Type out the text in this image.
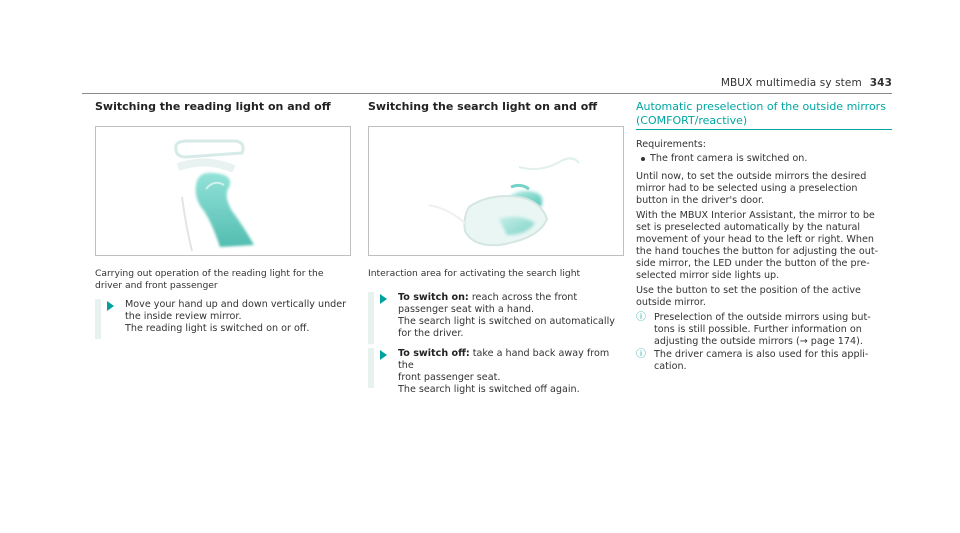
MBUX multimedia sy stem 343
Switching the reading light on and off
Carrying out operation of the reading light for the
driver and front passenger
Move your hand up and down vertically under
the inside review mirror.
The reading light is switched on or off.
Switching the search light on and off
Interaction area for activating the search light
To switch on: reach across the front
passenger seat with a hand.
The search light is switched on automatically
for the driver.
To switch off: take a hand back away from the
front passenger seat.
The search light is switched off again.
Automatic preselection of the outside mirrors
(COMFORT/reactive)

Requirements:

The front camera is switched on.
Until now, to set the outside mirrors the desired
mirror had to be selected using a preselection
button in the driver's door.
With the MBUX Interior Assistant, the mirror to be
set is preselected automatically by the natural
movement of your head to the left or right. When
the hand touches the button for adjusting the out-
side mirror, the LED under the button of the pre-
selected mirror side lights up.
Use the button to set the position of the active
outside mirror.
ⓘ Preselection of the outside mirrors using but-
tons is still possible. Further information on
adjusting the outside mirrors (→ page 174).
ⓘ The driver camera is also used for this appli-
cation.
